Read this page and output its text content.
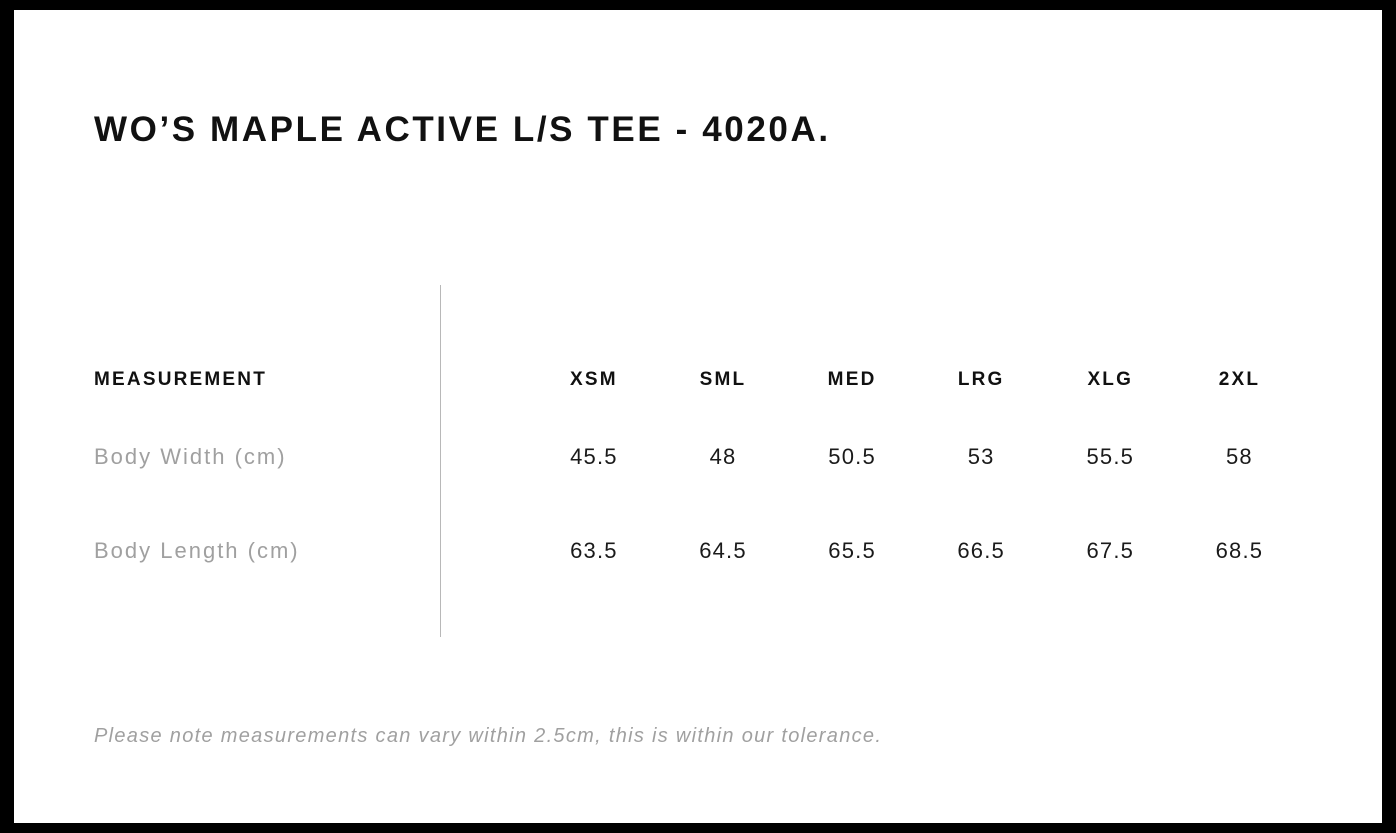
WO’S MAPLE ACTIVE L/S TEE - 4020A.
MEASUREMENT	XSM	SML	MED	LRG	XLG	2XL
Body Width (cm)	45.5	48	50.5	53	55.5	58
Body Length (cm)	63.5	64.5	65.5	66.5	67.5	68.5
Please note measurements can vary within 2.5cm, this is within our tolerance.
